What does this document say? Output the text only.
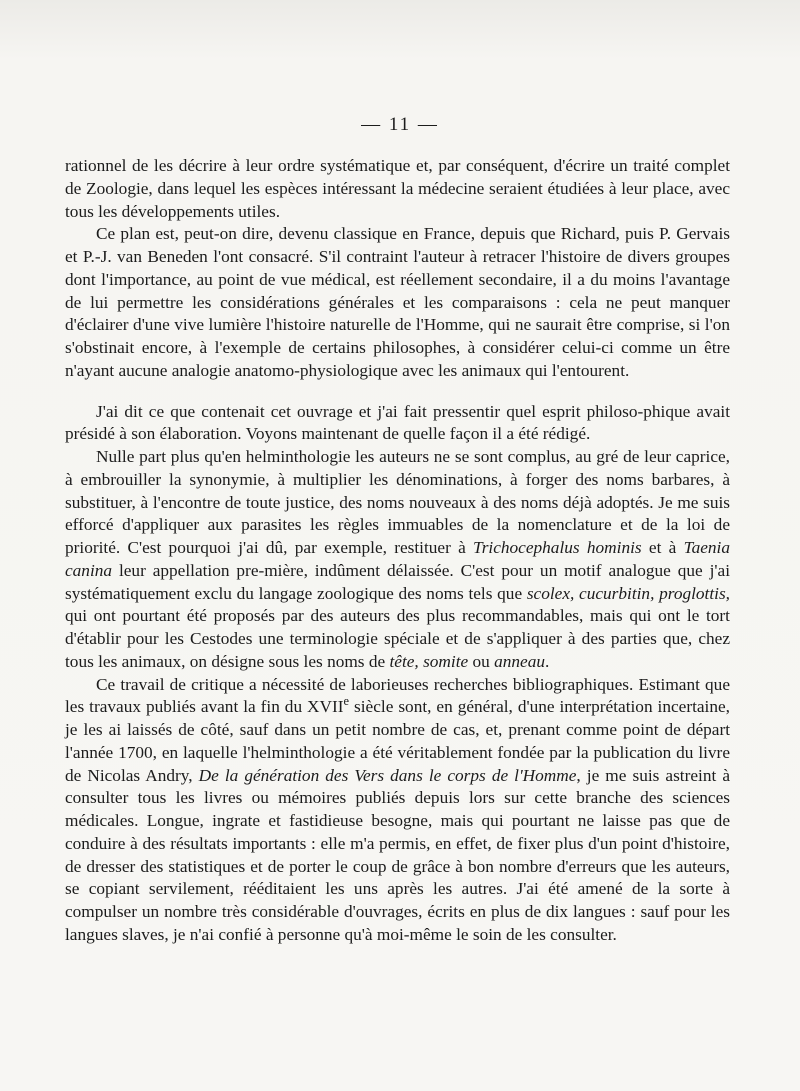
— 11 —

rationnel de les décrire à leur ordre systématique et, par conséquent, d'écrire un traité complet de Zoologie, dans lequel les espèces intéressant la médecine seraient étudiées à leur place, avec tous les développements utiles.

Ce plan est, peut-on dire, devenu classique en France, depuis que Richard, puis P. Gervais et P.-J. van Beneden l'ont consacré. S'il contraint l'auteur à retracer l'histoire de divers groupes dont l'importance, au point de vue médical, est réellement secondaire, il a du moins l'avantage de lui permettre les considérations générales et les comparaisons : cela ne peut manquer d'éclairer d'une vive lumière l'histoire naturelle de l'Homme, qui ne saurait être comprise, si l'on s'obstinait encore, à l'exemple de certains philosophes, à considérer celui-ci comme un être n'ayant aucune analogie anatomo-physiologique avec les animaux qui l'entourent.

J'ai dit ce que contenait cet ouvrage et j'ai fait pressentir quel esprit philoso-phique avait présidé à son élaboration. Voyons maintenant de quelle façon il a été rédigé.

Nulle part plus qu'en helminthologie les auteurs ne se sont complus, au gré de leur caprice, à embrouiller la synonymie, à multiplier les dénominations, à forger des noms barbares, à substituer, à l'encontre de toute justice, des noms nouveaux à des noms déjà adoptés. Je me suis efforcé d'appliquer aux parasites les règles immuables de la nomenclature et de la loi de priorité. C'est pourquoi j'ai dû, par exemple, restituer à Trichocephalus hominis et à Taenia canina leur appellation pre-mière, indûment délaissée. C'est pour un motif analogue que j'ai systématiquement exclu du langage zoologique des noms tels que scolex, cucurbitin, proglottis, qui ont pourtant été proposés par des auteurs des plus recommandables, mais qui ont le tort d'établir pour les Cestodes une terminologie spéciale et de s'appliquer à des parties que, chez tous les animaux, on désigne sous les noms de tête, somite ou anneau.

Ce travail de critique a nécessité de laborieuses recherches bibliographiques. Estimant que les travaux publiés avant la fin du XVIIe siècle sont, en général, d'une interprétation incertaine, je les ai laissés de côté, sauf dans un petit nombre de cas, et, prenant comme point de départ l'année 1700, en laquelle l'helminthologie a été véritablement fondée par la publication du livre de Nicolas Andry, De la génération des Vers dans le corps de l'Homme, je me suis astreint à consulter tous les livres ou mémoires publiés depuis lors sur cette branche des sciences médicales. Longue, ingrate et fastidieuse besogne, mais qui pourtant ne laisse pas que de conduire à des résultats importants : elle m'a permis, en effet, de fixer plus d'un point d'histoire, de dresser des statistiques et de porter le coup de grâce à bon nombre d'erreurs que les auteurs, se copiant servilement, rééditaient les uns après les autres. J'ai été amené de la sorte à compulser un nombre très considérable d'ouvrages, écrits en plus de dix langues : sauf pour les langues slaves, je n'ai confié à personne qu'à moi-même le soin de les consulter.
